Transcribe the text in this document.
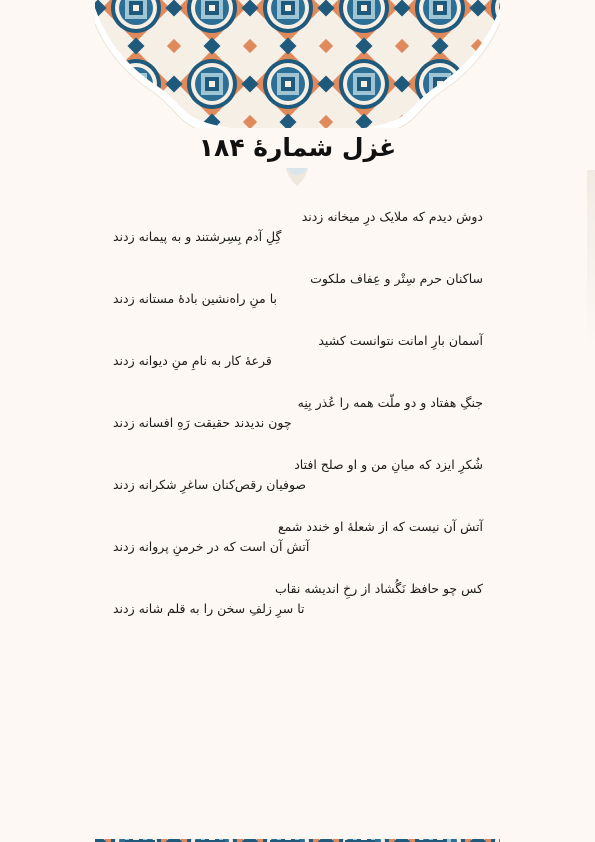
غزل شمارهٔ ۱۸۴
دوش دیدم که ملایک درِ میخانه زدند
گِلِ آدم بِسِرشتند و به پیمانه زدند
ساکنان حرم سِتْر و عِفاف ملکوت
با منِ راه‌نشین بادهٔ مستانه زدند
آسمان بارِ امانت نتوانست کشید
قرعهٔ کار به نامِ منِ دیوانه زدند
جنگِ هفتاد و دو ملّت همه را عُذر بِنِه
چون ندیدند حقیقت رَهِ افسانه زدند
شُکرِ ایزد که میانِ من و او صلح افتاد
صوفیان رقص‌کنان ساغرِ شکرانه زدند
آتش آن نیست که از شعلهٔ او خندد شمع
آتش آن است که در خرمنِ پروانه زدند
کس چو حافظ نَگُشاد از رخِ اندیشه نقاب
تا سرِ زلفِ سخن را به قلم شانه زدند
